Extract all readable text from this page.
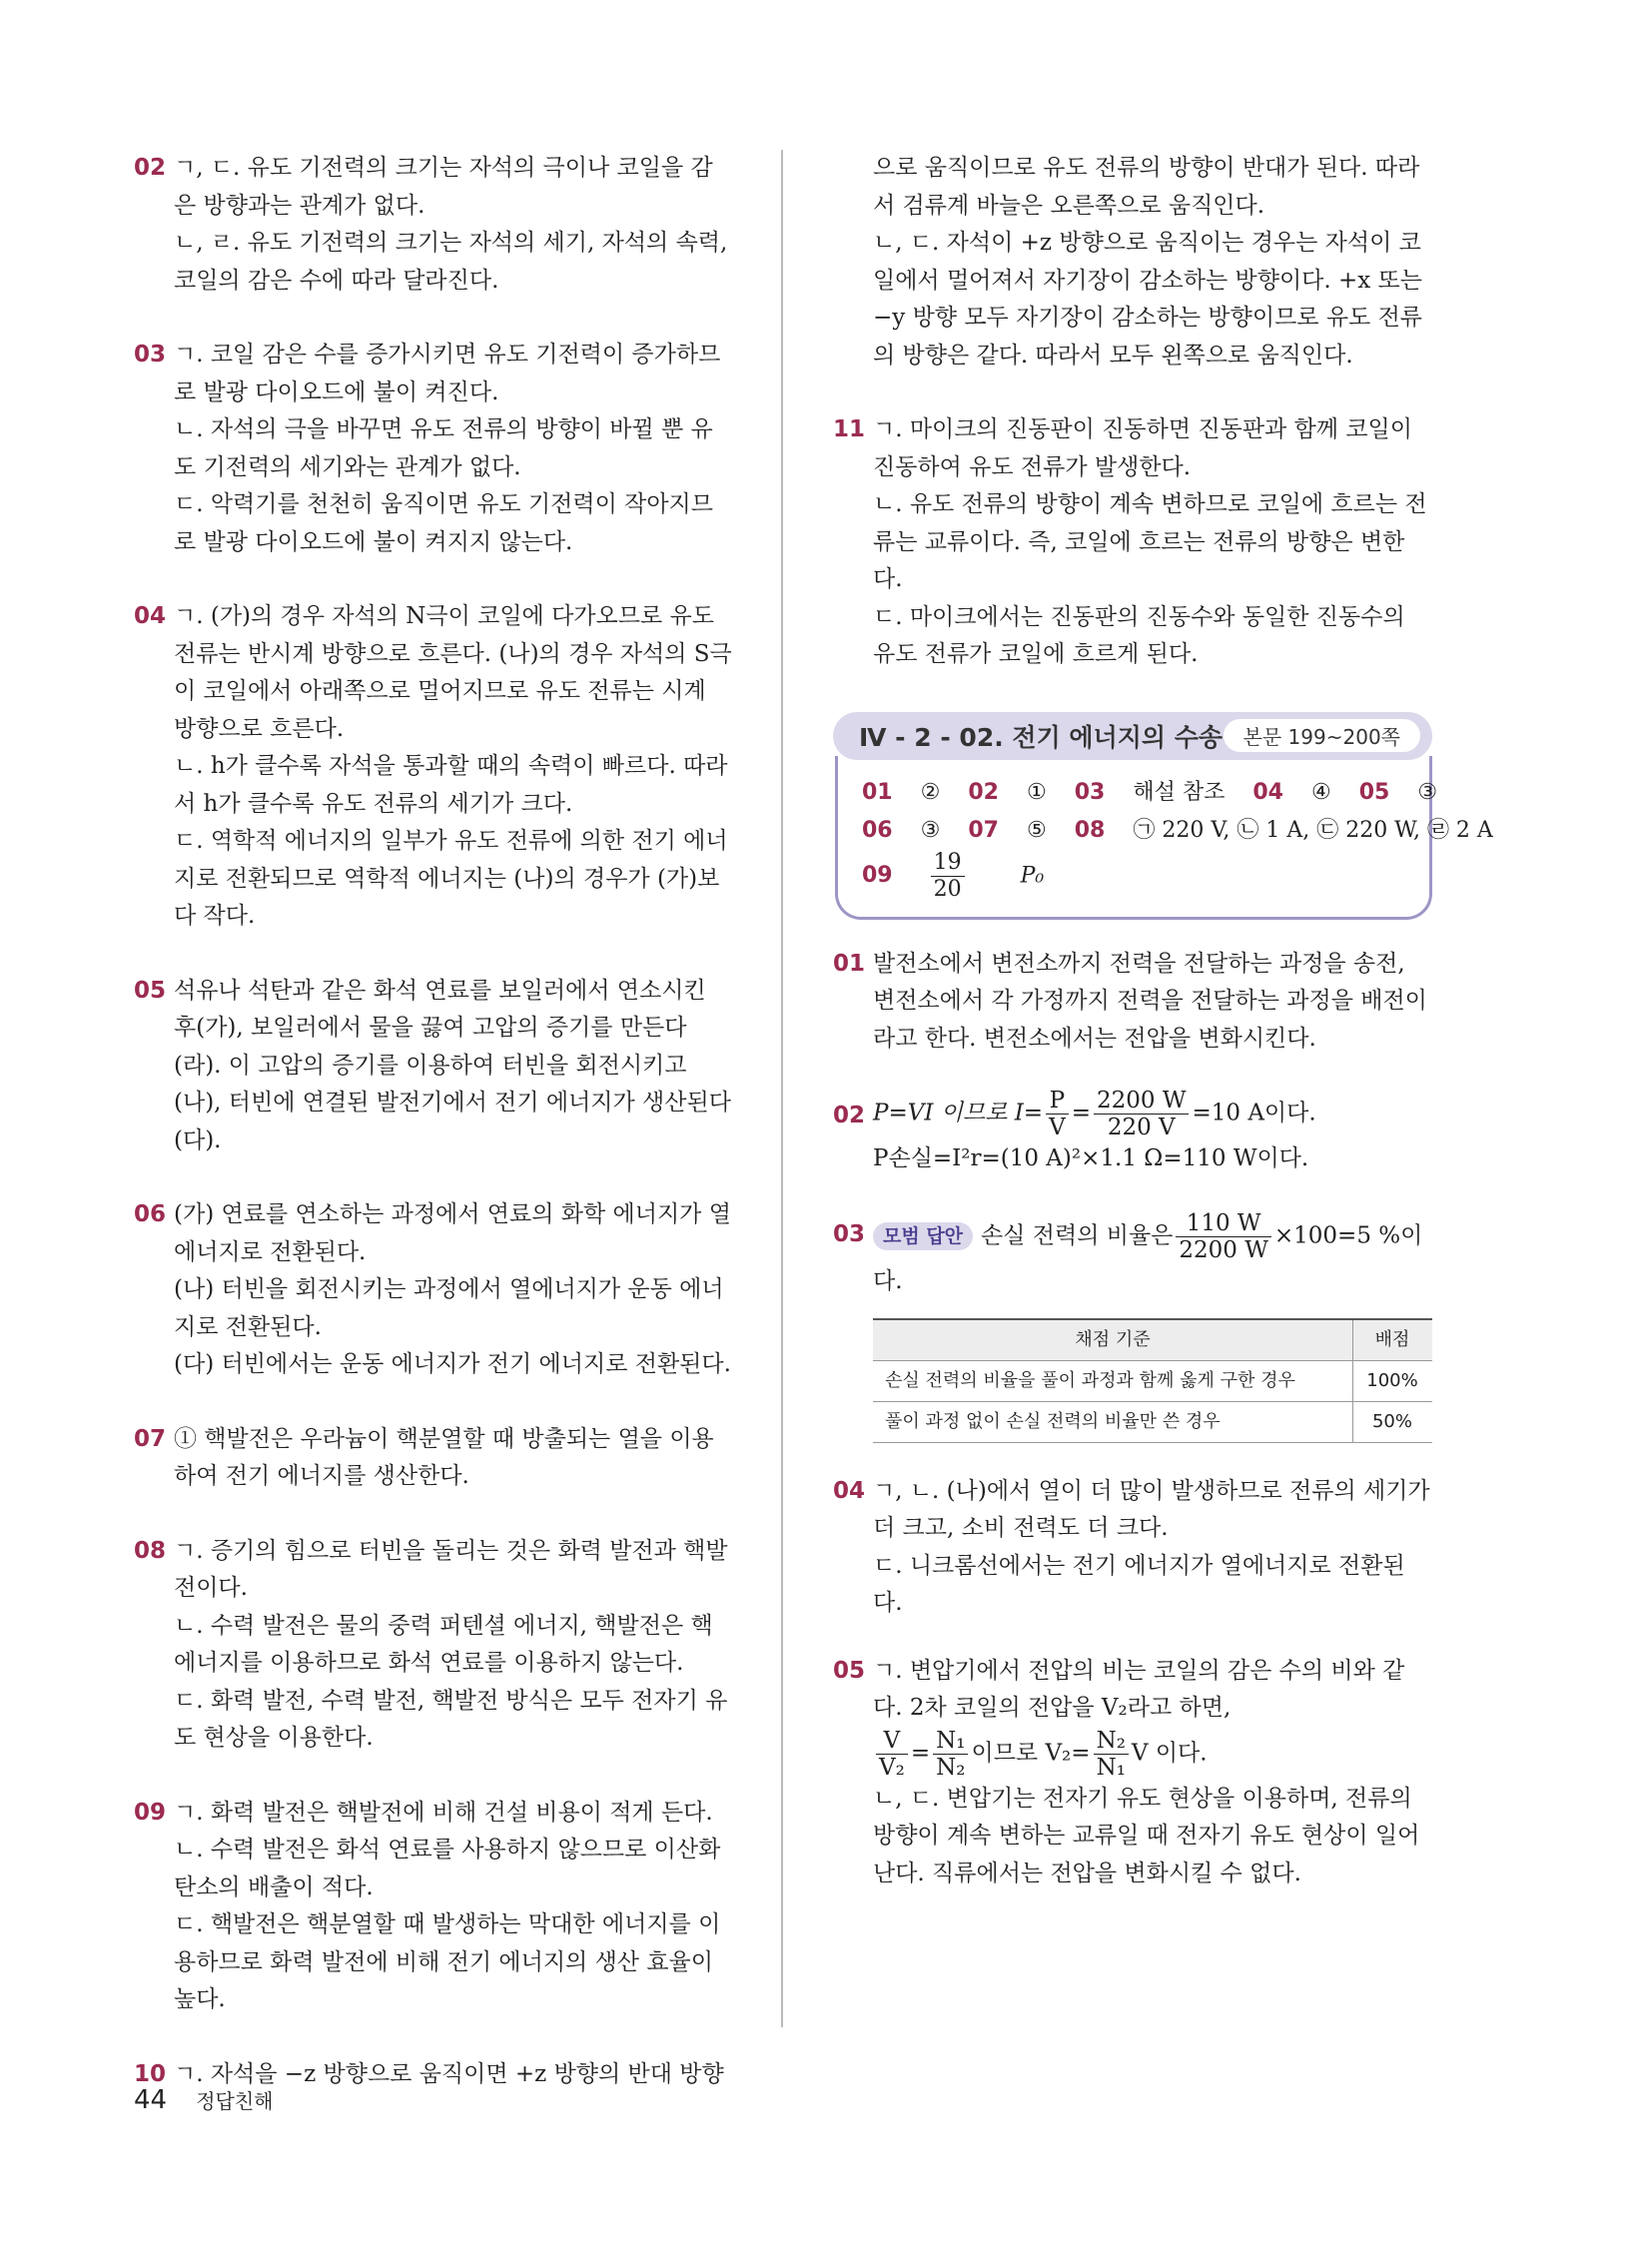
02 ㄱ, ㄷ. 유도 기전력의 크기는 자석의 극이나 코일을 감은 방향과는 관계가 없다.

ㄴ, ㄹ. 유도 기전력의 크기는 자석의 세기, 자석의 속력, 코일의 감은 수에 따라 달라진다.

03 ㄱ. 코일 감은 수를 증가시키면 유도 기전력이 증가하므로 발광 다이오드에 불이 켜진다.

ㄴ. 자석의 극을 바꾸면 유도 전류의 방향이 바뀔 뿐 유도 기전력의 세기와는 관계가 없다.

ㄷ. 악력기를 천천히 움직이면 유도 기전력이 작아지므로 발광 다이오드에 불이 켜지지 않는다.

04 ㄱ. (가)의 경우 자석의 N극이 코일에 다가오므로 유도 전류는 반시계 방향으로 흐른다. (나)의 경우 자석의 S극이 코일에서 아래쪽으로 멀어지므로 유도 전류는 시계 방향으로 흐른다.

ㄴ. h가 클수록 자석을 통과할 때의 속력이 빠르다. 따라서 h가 클수록 유도 전류의 세기가 크다.

ㄷ. 역학적 에너지의 일부가 유도 전류에 의한 전기 에너지로 전환되므로 역학적 에너지는 (나)의 경우가 (가)보다 작다.

05 석유나 석탄과 같은 화석 연료를 보일러에서 연소시킨 후(가), 보일러에서 물을 끓여 고압의 증기를 만든다(라). 이 고압의 증기를 이용하여 터빈을 회전시키고(나), 터빈에 연결된 발전기에서 전기 에너지가 생산된다(다).

06 (가) 연료를 연소하는 과정에서 연료의 화학 에너지가 열에너지로 전환된다.

(나) 터빈을 회전시키는 과정에서 열에너지가 운동 에너지로 전환된다.

(다) 터빈에서는 운동 에너지가 전기 에너지로 전환된다.

07 ① 핵발전은 우라늄이 핵분열할 때 방출되는 열을 이용하여 전기 에너지를 생산한다.

08 ㄱ. 증기의 힘으로 터빈을 돌리는 것은 화력 발전과 핵발전이다.

ㄴ. 수력 발전은 물의 중력 퍼텐셜 에너지, 핵발전은 핵에너지를 이용하므로 화석 연료를 이용하지 않는다.

ㄷ. 화력 발전, 수력 발전, 핵발전 방식은 모두 전자기 유도 현상을 이용한다.

09 ㄱ. 화력 발전은 핵발전에 비해 건설 비용이 적게 든다.

ㄴ. 수력 발전은 화석 연료를 사용하지 않으므로 이산화 탄소의 배출이 적다.

ㄷ. 핵발전은 핵분열할 때 발생하는 막대한 에너지를 이용하므로 화력 발전에 비해 전기 에너지의 생산 효율이 높다.

10 ㄱ. 자석을 −z 방향으로 움직이면 +z 방향의 반대 방향

으로 움직이므로 유도 전류의 방향이 반대가 된다. 따라서 검류계 바늘은 오른쪽으로 움직인다.

ㄴ, ㄷ. 자석이 +z 방향으로 움직이는 경우는 자석이 코일에서 멀어져서 자기장이 감소하는 방향이다. +x 또는 −y 방향 모두 자기장이 감소하는 방향이므로 유도 전류의 방향은 같다. 따라서 모두 왼쪽으로 움직인다.

11 ㄱ. 마이크의 진동판이 진동하면 진동판과 함께 코일이 진동하여 유도 전류가 발생한다.

ㄴ. 유도 전류의 방향이 계속 변하므로 코일에 흐르는 전류는 교류이다. 즉, 코일에 흐르는 전류의 방향은 변한다.

ㄷ. 마이크에서는 진동판의 진동수와 동일한 진동수의 유도 전류가 코일에 흐르게 된다.

Ⅳ - 2 - 02. 전기 에너지의 수송	본문 199~200쪽
01 ② 02 ① 03 해설 참조 04 ④ 05 ③
06 ③ 07 ⑤ 08 ㉠ 220 V, ㉡ 1 A, ㉢ 220 W, ㉣ 2 A
$09 \frac{19}{20} P_0$
01 발전소에서 변전소까지 전력을 전달하는 과정을 송전, 변전소에서 각 가정까지 전력을 전달하는 과정을 배전이라고 한다. 변전소에서는 전압을 변화시킨다.

02 P=VI 이므로 $I= \frac{P}{V} = \frac{2200 W}{220 V} =10$ A이다.

P손실=I²r=(10 A)²×1.1 Ω=110 W이다.

03 모범 답안 손실 전력의 비율은 $\frac{110 W}{2200 W} \times 100=5$ %이다.

채점 기준	배점
손실 전력의 비율을 풀이 과정과 함께 옳게 구한 경우	100%
풀이 과정 없이 손실 전력의 비율만 쓴 경우	50%
04 ㄱ, ㄴ. (나)에서 열이 더 많이 발생하므로 전류의 세기가 더 크고, 소비 전력도 더 크다.

ㄷ. 니크롬선에서는 전기 에너지가 열에너지로 전환된다.

05 ㄱ. 변압기에서 전압의 비는 코일의 감은 수의 비와 같다. 2차 코일의 전압을 V₂라고 하면,

$\frac{V}{\text{V₂}} = \frac{\text{N₁}}{\text{N₂}}$ 이므로 $V_2= \frac{\text{N₂}}{\text{N₁}}$ V 이다.

ㄴ, ㄷ. 변압기는 전자기 유도 현상을 이용하며, 전류의 방향이 계속 변하는 교류일 때 전자기 유도 현상이 일어난다. 직류에서는 전압을 변화시킬 수 없다.

44 정답친해
